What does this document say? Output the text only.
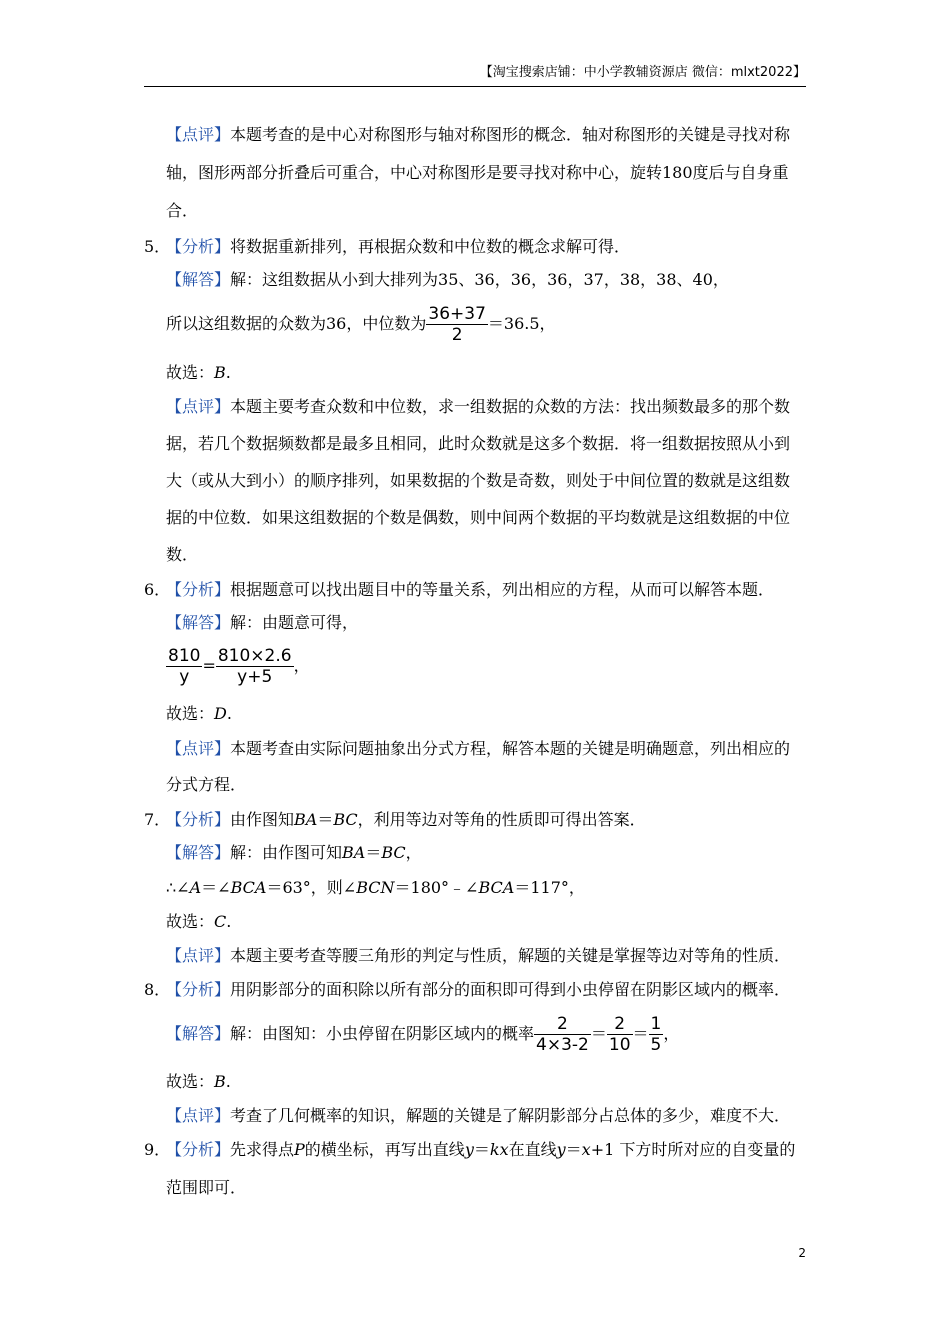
【淘宝搜索店铺：中小学教辅资源店 微信：mlxt2022】
【点评】本题考查的是中心对称图形与轴对称图形的概念．轴对称图形的关键是寻找对称
轴，图形两部分折叠后可重合，中心对称图形是要寻找对称中心，旋转180度后与自身重
合．
5．
【分析】将数据重新排列，再根据众数和中位数的概念求解可得．
【解答】解：这组数据从小到大排列为35、36，36，36，37，38，38、40，
所以这组数据的众数为36，中位数为 $\frac{36+37}{2} =36.5$，
故选：B.
【点评】本题主要考查众数和中位数，求一组数据的众数的方法：找出频数最多的那个数
据，若几个数据频数都是最多且相同，此时众数就是这多个数据．将一组数据按照从小到
大（或从大到小）的顺序排列，如果数据的个数是奇数，则处于中间位置的数就是这组数
据的中位数．如果这组数据的个数是偶数，则中间两个数据的平均数就是这组数据的中位
数．
6．
【分析】根据题意可以找出题目中的等量关系，列出相应的方程，从而可以解答本题．
【解答】解：由题意可得，
$\frac{810}{y} = \frac{810\times 2.6}{y+5}$ ，
故选：D.
【点评】本题考查由实际问题抽象出分式方程，解答本题的关键是明确题意，列出相应的
分式方程．
7．
【分析】由作图知BA＝BC，利用等边对等角的性质即可得出答案．
【解答】解：由作图可知BA＝BC，
∴∠A＝∠BCA＝63°，则∠BCN＝180°﹣∠BCA＝117°，
故选：C.
【点评】本题主要考查等腰三角形的判定与性质，解题的关键是掌握等边对等角的性质．
8．
【分析】用阴影部分的面积除以所有部分的面积即可得到小虫停留在阴影区域内的概率．
【解答】解：由图知：小虫停留在阴影区域内的概率 $\frac{2}{4\times 3-2} = \frac{2}{10} = \frac{1}{5}$ ，
故选：B.
【点评】考查了几何概率的知识，解题的关键是了解阴影部分占总体的多少，难度不大．
9．
【分析】先求得点P的横坐标，再写出直线y＝kx在直线y＝x+1 下方时所对应的自变量的
范围即可．
2
